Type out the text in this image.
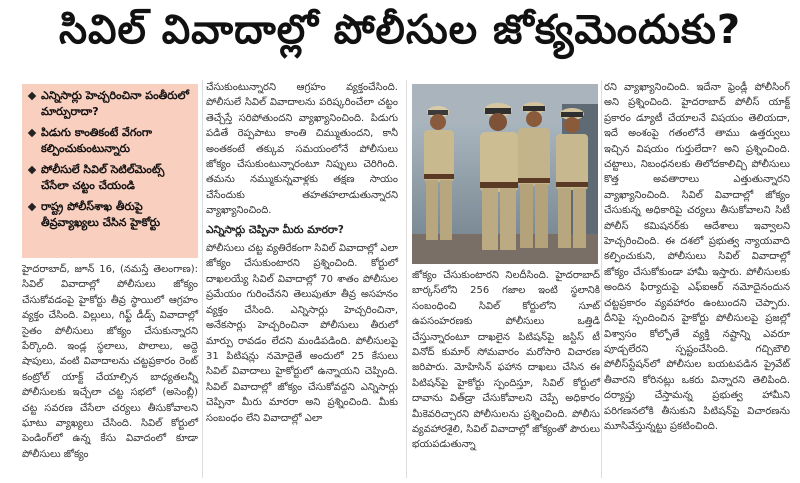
సివిల్ వివాదాల్లో పోలీసుల జోక్యమెందుకు?
ఎన్నిసార్లు హెచ్చరించినా పంతీరులో మార్పురాదా?
పిడుగు కాంతికంటే వేగంగా కల్పించుకుంటున్నారు
పోలీసులే సివిల్ సెటిల్‌మెంట్స్ చేసేలా చట్టం చేయండి
రాష్ట్ర పోలీస్‌శాఖ తీరుపై తీవ్రవ్యాఖ్యలు చేసిన హైకోర్టు

హైదరాబాద్, జూన్ 16, (నమస్తే తెలంగాణ): సివిల్ వివాదాల్లో పోలీసులు జోక్యం చేసుకోవడంపై హైకోర్టు తీవ్ర స్థాయిలో ఆగ్రహం వ్యక్తం చేసింది. విల్లులు, గిఫ్ట్ డీడ్స్ వివాదాల్లో సైతం పోలీసులు జోక్యం చేసుకున్నారని పేర్కొంది. ఇండ్ల స్థలాలు, పొలాలు, అద్దె షాపులు, వంటి వివాదాలను చట్టప్రకారం రెంట్ కంట్రోల్ యాక్ట్ చేయాల్సిన బాధ్యతలన్నీ పోలీసులకు ఇచ్చేలా చట్ట సభలో (అసెంబ్లీ) చట్ట సవరణ చేసేలా చర్యలు తీసుకోవాలని ఘాటు వ్యాఖ్యలు చేసింది. సివిల్ కోర్టులో పెండింగ్‌లో ఉన్న కేసు వివాదంలో కూడా పోలీసులు జోక్యం

చేసుకుంటున్నారని ఆగ్రహం వ్యక్తంచేసింది. పోలీసులే సివిల్ వివాదాలను పరిష్కరించేలా చట్టం తెచ్చేస్తే సరిపోతుందని వ్యాఖ్యానించింది. పిడుగు పడితే రెప్పపాటు కాంతి చిమ్ముతుందని, కానీ అంతకంటే తక్కువ సమయంలోనే పోలీసులు జోక్యం చేసుకుంటున్నారంటూ నిప్పులు చెరిగింది. తమను నమ్ముకున్నవాళ్లకు తక్షణ సాయం చేసేందుకు తహతహలాడుతున్నారని వ్యాఖ్యానించింది.

ఎన్నిసార్లు చెప్పినా మీరు మారరా?

పోలీసులు చట్ట వ్యతిరేకంగా సివిల్ వివాదాల్లో ఎలా జోక్యం చేసుకుంటారని ప్రశ్నించింది. కోర్టులో దాఖలయ్యే సివిల్ వివాదాల్లో 70 శాతం పోలీసుల ప్రమేయం గురించేనని తెలుపుతూ తీవ్ర అసహనం వ్యక్తం చేసింది. ఎన్నిసార్లు హెచ్చరించినా, అనేకసార్లు హెచ్చరించినా పోలీసులు తీరులో మార్పు రావడం లేదని మండిపడింది. పోలీసులపై 31 పిటిషన్లు నమోదైతే అందులో 25 కేసులు సివిల్ వివాదాలు హైకోర్టులో ఉన్నాయని చెప్పింది. సివిల్ వివాదాల్లో జోక్యం చేసుకోవద్దని ఎన్నిసార్లు చెప్పినా మీరు మారరా అని ప్రశ్నించింది. మీకు సంబంధం లేని వివాదాల్లో ఎలా

జోక్యం చేసుకుంటారని నిలదీసింది. హైదరాబాద్ బార్కస్‌లోని 256 గజాల ఇంటి స్థలానికి సంబంధించి సివిల్ కోర్టులోని సూట్ ఉపసంహరణకు పోలీసులు ఒత్తిడి చేస్తున్నారంటూ దాఖలైన పిటిషన్‌పై జస్టిస్ టీ వినోద్ కుమార్ సోమవారం మరోసారి విచారణ జరిపారు. మోహిసిన్ ఫహాన దాఖలు చేసిన ఈ పిటిషన్‌పై హైకోర్టు స్పందిస్తూ, సివిల్ కోర్టులో దావాను విత్‌డ్రా చేసుకోవాలని చెప్పే అధికారం మీకెవరిచ్చారని పోలీసులను ప్రశ్నించింది. పోలీసు వ్యవహారశైలి, సివిల్ వివాదాల్లో జోక్యంతో పౌరులు భయపడుతున్నా

రని వ్యాఖ్యానించింది. ఇదేనా ఫ్రెండ్లీ పోలీసింగ్ అని ప్రశ్నించింది. హైదరాబాద్ పోలీస్ యాక్ట్ ప్రకారం డ్యూటీ చేయాలనే విషయం తెలియదా, ఇదే అంశంపై గతంలోనే తాము ఉత్తర్వులు ఇచ్చిన విషయం గుర్తులేదా? అని ప్రశ్నించింది. చట్టాలు, నిబంధనలకు తిలోదకాలిచ్చి పోలీసులు కొత్త అవతారాలు ఎత్తుతున్నారని వ్యాఖ్యానించింది. సివిల్ వివాదాల్లో జోక్యం చేసుకున్న అధికారిపై చర్యలు తీసుకోవాలని సిటీ పోలీస్ కమిషనర్‌కు ఆదేశాలు ఇవ్వాలని హెచ్చరించింది. ఈ దశలో ప్రభుత్వ న్యాయవాది కల్పించుకుని, పోలీసులు సివిల్ వివాదాల్లో జోక్యం చేసుకోకుండా హామీ ఇస్తారు. పోలీసులకు అందిన ఫిర్యాదుపై ఎఫ్ఐఆర్ నమోదైనందున చట్టప్రకారం వ్యవహారం ఉంటుందని చెప్పారు. దీనిపై స్పందించిన హైకోర్టు పోలీసులపై ప్రజల్లో విశ్వాసం కోల్పోతే వ్యక్తి నష్టాన్ని ఎవరూ పూడ్చలేరని స్పష్టంచేసింది. గచ్చిబౌలి పోలీస్‌స్టేషన్‌లో పోలీసుల బయటపడిన ప్రైవేట్ తీవారని కోరినట్లు ఒకరు విన్నారని తెలిపింది. దర్యాప్తు చేస్తామన్న ప్రభుత్వ హామీని పరిగణనలోకి తీసుకుని పిటిషన్‌పై విచారణను మూసివేస్తున్నట్టు ప్రకటించింది.
